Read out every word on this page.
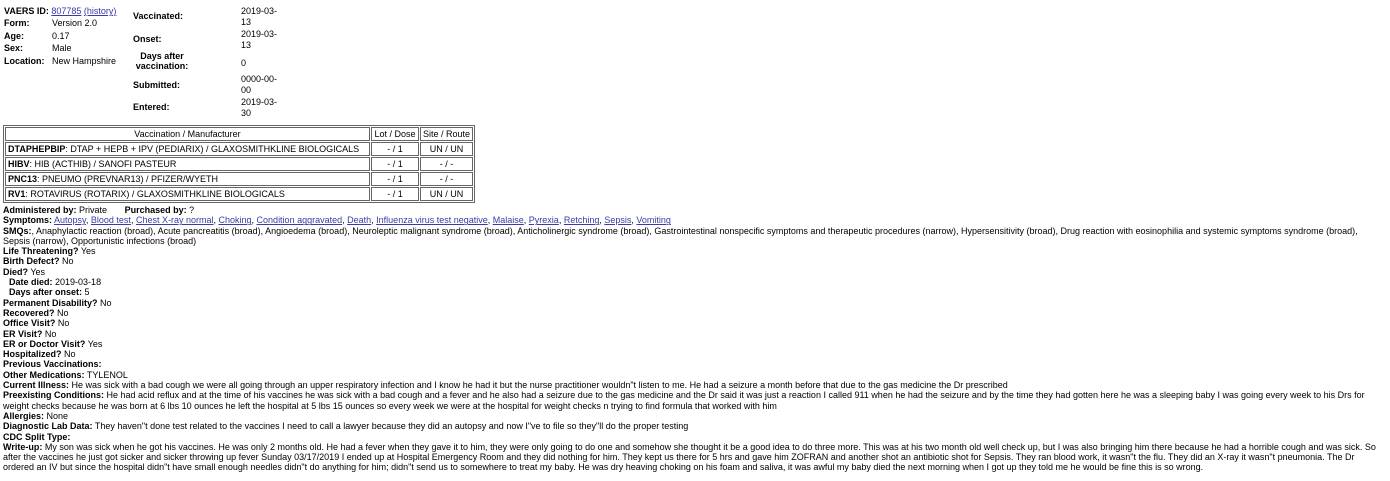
VAERS ID: 807785 (history)
Form:	Version 2.0
Age:	0.17
Sex:	Male
Location: New Hampshire
Vaccinated:	2019-03-13
Onset:	2019-03-13
Days after vaccination:	0
Submitted:
0000-00-00
Entered:	2019-03-30
Vaccination / Manufacturer	Lot / Dose	Site / Route
DTAPHEPBIP: DTAP + HEPB + IPV (PEDIARIX) / GLAXOSMITHKLINE BIOLOGICALS	- / 1	UN / UN
HIBV: HIB (ACTHIB) / SANOFI PASTEUR	- / 1	- / -
PNC13: PNEUMO (PREVNAR13) / PFIZER/WYETH	- / 1	- / -
RV1: ROTAVIRUS (ROTARIX) / GLAXOSMITHKLINE BIOLOGICALS	- / 1	UN / UN

Administered by: Private Purchased by: ?

Symptoms: Autopsy, Blood test, Chest X-ray normal, Choking, Condition aggravated, Death, Influenza virus test negative, Malaise, Pyrexia, Retching, Sepsis, Vomiting

SMQs:, Anaphylactic reaction (broad), Acute pancreatitis (broad), Angioedema (broad), Neuroleptic malignant syndrome (broad), Anticholinergic syndrome (broad), Gastrointestinal nonspecific symptoms and therapeutic procedures (narrow), Hypersensitivity (broad), Drug reaction with eosinophilia and systemic symptoms syndrome (broad), Sepsis (narrow), Opportunistic infections (broad)

Life Threatening? Yes

Birth Defect? No

Died? Yes

Date died: 2019-03-18

Days after onset: 5

Permanent Disability? No

Recovered? No

Office Visit? No

ER Visit? No

ER or Doctor Visit? Yes

Hospitalized? No

Previous Vaccinations:

Other Medications: TYLENOL

Current Illness: He was sick with a bad cough we were all going through an upper respiratory infection and I know he had it but the nurse practitioner wouldn"t listen to me. He had a seizure a month before that due to the gas medicine the Dr prescribed

Preexisting Conditions: He had acid reflux and at the time of his vaccines he was sick with a bad cough and a fever and he also had a seizure due to the gas medicine and the Dr said it was just a reaction I called 911 when he had the seizure and by the time they had gotten here he was a sleeping baby I was going every week to his Drs for weight checks because he was born at 6 lbs 10 ounces he left the hospital at 5 lbs 15 ounces so every week we were at the hospital for weight checks n trying to find formula that worked with him

Allergies: None

Diagnostic Lab Data: They haven"t done test related to the vaccines I need to call a lawyer because they did an autopsy and now I"ve to file so they"ll do the proper testing

CDC Split Type:

Write-up: My son was sick when he got his vaccines. He was only 2 months old. He had a fever when they gave it to him, they were only going to do one and somehow she thought it be a good idea to do three more. This was at his two month old well check up, but I was also bringing him there because he had a horrible cough and was sick. So after the vaccines he just got sicker and sicker throwing up fever Sunday 03/17/2019 I ended up at Hospital Emergency Room and they did nothing for him. They kept us there for 5 hrs and gave him ZOFRAN and another shot an antibiotic shot for Sepsis. They ran blood work, it wasn"t the flu. They did an X-ray it wasn"t pneumonia. The Dr ordered an IV but since the hospital didn"t have small enough needles didn"t do anything for him; didn"t send us to somewhere to treat my baby. He was dry heaving choking on his foam and saliva, it was awful my baby died the next morning when I got up they told me he would be fine this is so wrong.
